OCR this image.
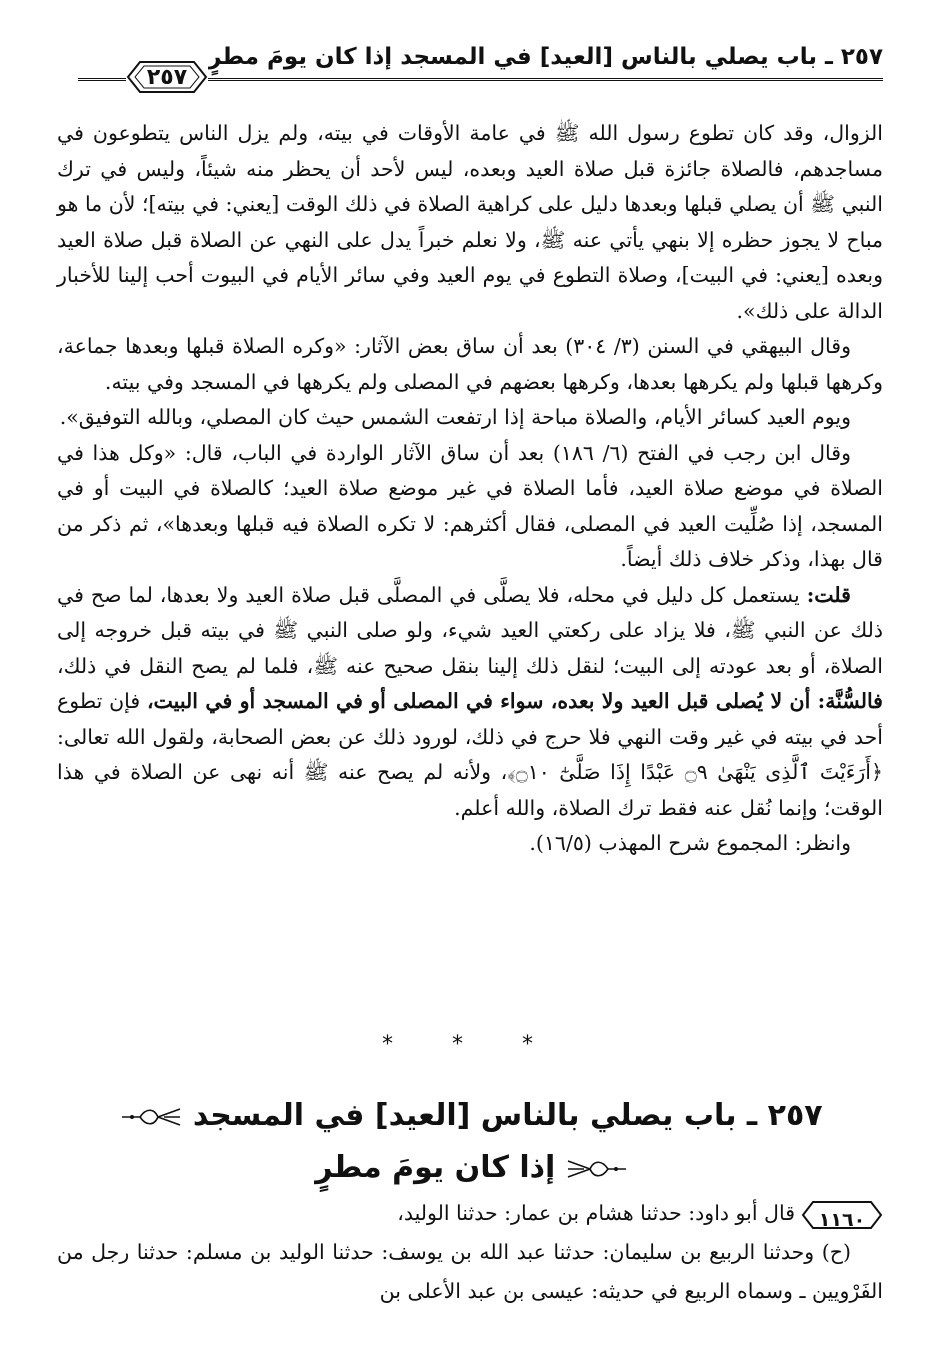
٢٥٧ ـ باب يصلي بالناس [العيد] في المسجد إذا كان يومَ مطرٍ
٢٥٧

الزوال، وقد كان تطوع رسول الله ﷺ في عامة الأوقات في بيته، ولم يزل الناس يتطوعون في مساجدهم، فالصلاة جائزة قبل صلاة العيد وبعده، ليس لأحد أن يحظر منه شيئاً، وليس في ترك النبي ﷺ أن يصلي قبلها وبعدها دليل على كراهية الصلاة في ذلك الوقت [يعني: في بيته]؛ لأن ما هو مباح لا يجوز حظره إلا بنهي يأتي عنه ﷺ، ولا نعلم خبراً يدل على النهي عن الصلاة قبل صلاة العيد وبعده [يعني: في البيت]، وصلاة التطوع في يوم العيد وفي سائر الأيام في البيوت أحب إلينا للأخبار الدالة على ذلك».

وقال البيهقي في السنن (٣/ ٣٠٤) بعد أن ساق بعض الآثار: «وكره الصلاة قبلها وبعدها جماعة، وكرهها قبلها ولم يكرهها بعدها، وكرهها بعضهم في المصلى ولم يكرهها في المسجد وفي بيته.

ويوم العيد كسائر الأيام، والصلاة مباحة إذا ارتفعت الشمس حيث كان المصلي، وبالله التوفيق».

وقال ابن رجب في الفتح (٦/ ١٨٦) بعد أن ساق الآثار الواردة في الباب، قال: «وكل هذا في الصلاة في موضع صلاة العيد، فأما الصلاة في غير موضع صلاة العيد؛ كالصلاة في البيت أو في المسجد، إذا صُلِّيت العيد في المصلى، فقال أكثرهم: لا تكره الصلاة فيه قبلها وبعدها»، ثم ذكر من قال بهذا، وذكر خلاف ذلك أيضاً.

قلت: يستعمل كل دليل في محله، فلا يصلَّى في المصلَّى قبل صلاة العيد ولا بعدها، لما صح في ذلك عن النبي ﷺ، فلا يزاد على ركعتي العيد شيء، ولو صلى النبي ﷺ في بيته قبل خروجه إلى الصلاة، أو بعد عودته إلى البيت؛ لنقل ذلك إلينا بنقل صحيح عنه ﷺ، فلما لم يصح النقل في ذلك، فالسُّنَّة: أن لا يُصلى قبل العيد ولا بعده، سواء في المصلى أو في المسجد أو في البيت، فإن تطوع أحد في بيته في غير وقت النهي فلا حرج في ذلك، لورود ذلك عن بعض الصحابة، ولقول الله تعالى: ﴿أَرَءَيْتَ ٱلَّذِى يَنْهَىٰ ۝٩ عَبْدًا إِذَا صَلَّىٰٓ ۝١٠﴾، ولأنه لم يصح عنه ﷺ أنه نهى عن الصلاة في هذا الوقت؛ وإنما نُقل عنه فقط ترك الصلاة، والله أعلم.

وانظر: المجموع شرح المهذب (١٦/٥).

* * *
٢٥٧ ـ باب يصلي بالناس [العيد] في المسجد
إذا كان يومَ مطرٍ

١١٦٠قال أبو داود: حدثنا هشام بن عمار: حدثنا الوليد،

(ح) وحدثنا الربيع بن سليمان: حدثنا عبد الله بن يوسف: حدثنا الوليد بن مسلم: حدثنا رجل من الفَرْويين ـ وسماه الربيع في حديثه: عيسى بن عبد الأعلى بن
